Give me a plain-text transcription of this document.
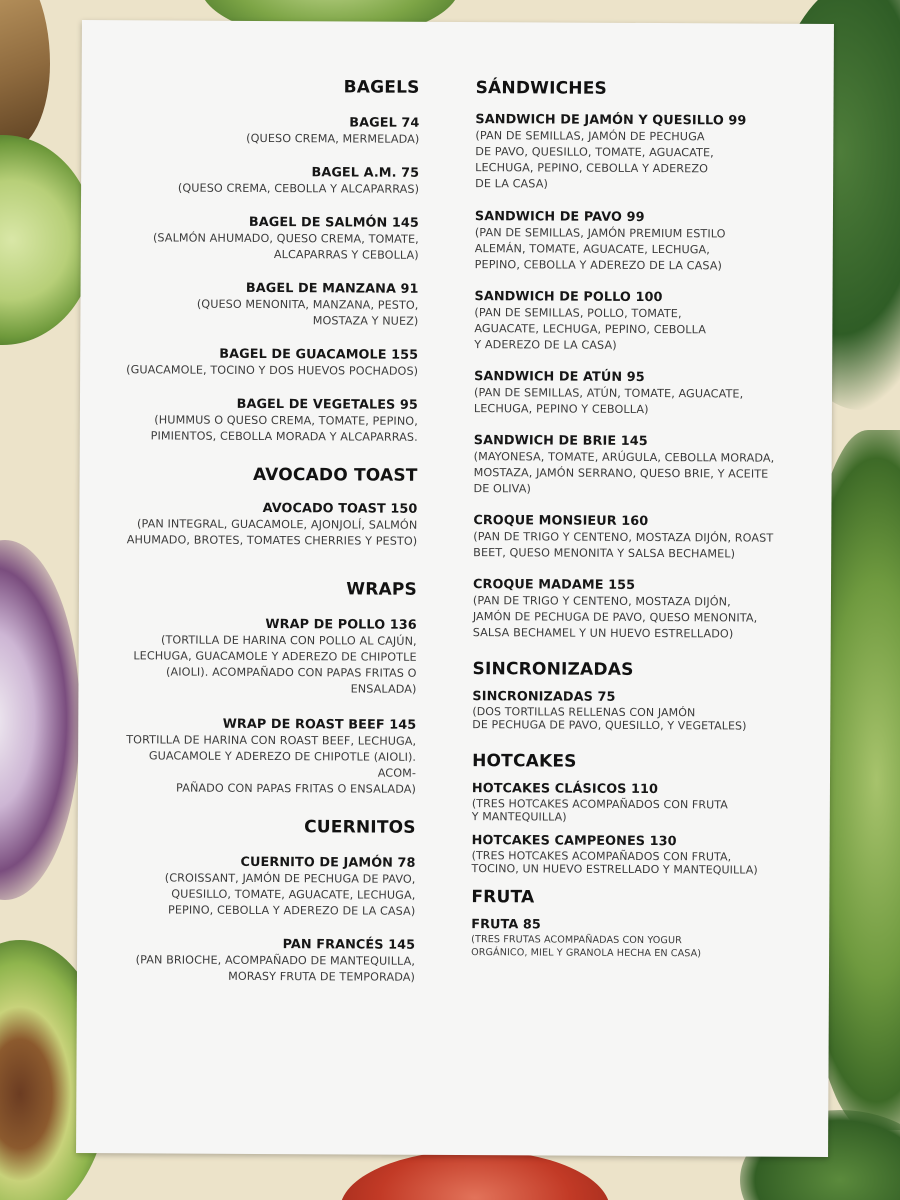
BAGELS
BAGEL 74
(QUESO CREMA, MERMELADA)
BAGEL A.M. 75
(QUESO CREMA, CEBOLLA Y ALCAPARRAS)
BAGEL DE SALMÓN 145
(SALMÓN AHUMADO, QUESO CREMA, TOMATE,
ALCAPARRAS Y CEBOLLA)
BAGEL DE MANZANA 91
(QUESO MENONITA, MANZANA, PESTO,
MOSTAZA Y NUEZ)
BAGEL DE GUACAMOLE 155
(GUACAMOLE, TOCINO Y DOS HUEVOS POCHADOS)
BAGEL DE VEGETALES 95
(HUMMUS O QUESO CREMA, TOMATE, PEPINO,
PIMIENTOS, CEBOLLA MORADA Y ALCAPARRAS.
AVOCADO TOAST
AVOCADO TOAST 150
(PAN INTEGRAL, GUACAMOLE, AJONJOLÍ, SALMÓN
AHUMADO, BROTES, TOMATES CHERRIES Y PESTO)
WRAPS
WRAP DE POLLO 136
(TORTILLA DE HARINA CON POLLO AL CAJÚN,
LECHUGA, GUACAMOLE Y ADEREZO DE CHIPOTLE
(AIOLI). ACOMPAÑADO CON PAPAS FRITAS O ENSALADA)
WRAP DE ROAST BEEF 145
TORTILLA DE HARINA CON ROAST BEEF, LECHUGA,
GUACAMOLE Y ADEREZO DE CHIPOTLE (AIOLI). ACOM-
PAÑADO CON PAPAS FRITAS O ENSALADA)
CUERNITOS
CUERNITO DE JAMÓN 78
(CROISSANT, JAMÓN DE PECHUGA DE PAVO,
QUESILLO, TOMATE, AGUACATE, LECHUGA,
PEPINO, CEBOLLA Y ADEREZO DE LA CASA)
PAN FRANCÉS 145
(PAN BRIOCHE, ACOMPAÑADO DE MANTEQUILLA,
MORASY FRUTA DE TEMPORADA)
SÁNDWICHES
SANDWICH DE JAMÓN Y QUESILLO 99
(PAN DE SEMILLAS, JAMÓN DE PECHUGA
DE PAVO, QUESILLO, TOMATE, AGUACATE,
LECHUGA, PEPINO, CEBOLLA Y ADEREZO
DE LA CASA)
SANDWICH DE PAVO 99
(PAN DE SEMILLAS, JAMÓN PREMIUM ESTILO
ALEMÁN, TOMATE, AGUACATE, LECHUGA,
PEPINO, CEBOLLA Y ADEREZO DE LA CASA)
SANDWICH DE POLLO 100
(PAN DE SEMILLAS, POLLO, TOMATE,
AGUACATE, LECHUGA, PEPINO, CEBOLLA
Y ADEREZO DE LA CASA)
SANDWICH DE ATÚN 95
(PAN DE SEMILLAS, ATÚN, TOMATE, AGUACATE,
LECHUGA, PEPINO Y CEBOLLA)
SANDWICH DE BRIE 145
(MAYONESA, TOMATE, ARÚGULA, CEBOLLA MORADA,
MOSTAZA, JAMÓN SERRANO, QUESO BRIE, Y ACEITE
DE OLIVA)
CROQUE MONSIEUR 160
(PAN DE TRIGO Y CENTENO, MOSTAZA DIJÓN, ROAST
BEET, QUESO MENONITA Y SALSA BECHAMEL)
CROQUE MADAME 155
(PAN DE TRIGO Y CENTENO, MOSTAZA DIJÓN,
JAMÓN DE PECHUGA DE PAVO, QUESO MENONITA,
SALSA BECHAMEL Y UN HUEVO ESTRELLADO)
SINCRONIZADAS
SINCRONIZADAS 75
(DOS TORTILLAS RELLENAS CON JAMÓN
DE PECHUGA DE PAVO, QUESILLO, Y VEGETALES)
HOTCAKES
HOTCAKES CLÁSICOS 110
(TRES HOTCAKES ACOMPAÑADOS CON FRUTA
Y MANTEQUILLA)
HOTCAKES CAMPEONES 130
(TRES HOTCAKES ACOMPAÑADOS CON FRUTA,
TOCINO, UN HUEVO ESTRELLADO Y MANTEQUILLA)
FRUTA
FRUTA 85
(TRES FRUTAS ACOMPAÑADAS CON YOGUR
ORGÁNICO, MIEL Y GRANOLA HECHA EN CASA)
